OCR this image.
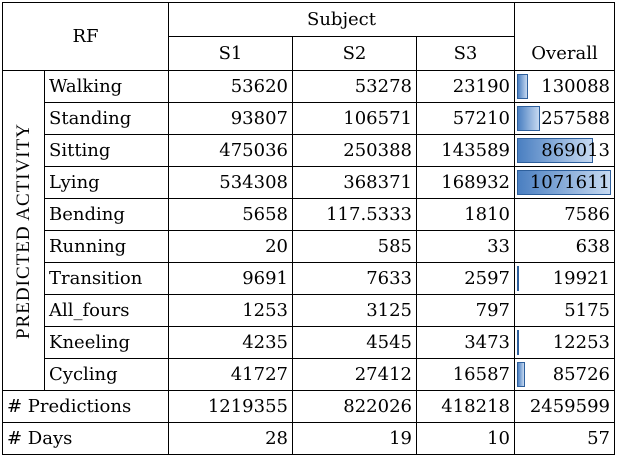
RF		Subject			Overall
		S1	S2	S3	

PREDICTED ACTIVITY	Walking	53620	53278	23190	130088

	Standing	93807	106571	57210	257588

	Sitting	475036	250388	143589	869013

	Lying	534308	368371	168932	1071611

	Bending	5658	117.5333	1810	7586

	Running	20	585	33	638

	Transition	9691	7633	2597	19921

	All_fours	1253	3125	797	5175

	Kneeling	4235	4545	3473	12253

	Cycling	41727	27412	16587	85726

# Predictions		1219355	822026	418218	2459599
# Days		28	19	10	57
